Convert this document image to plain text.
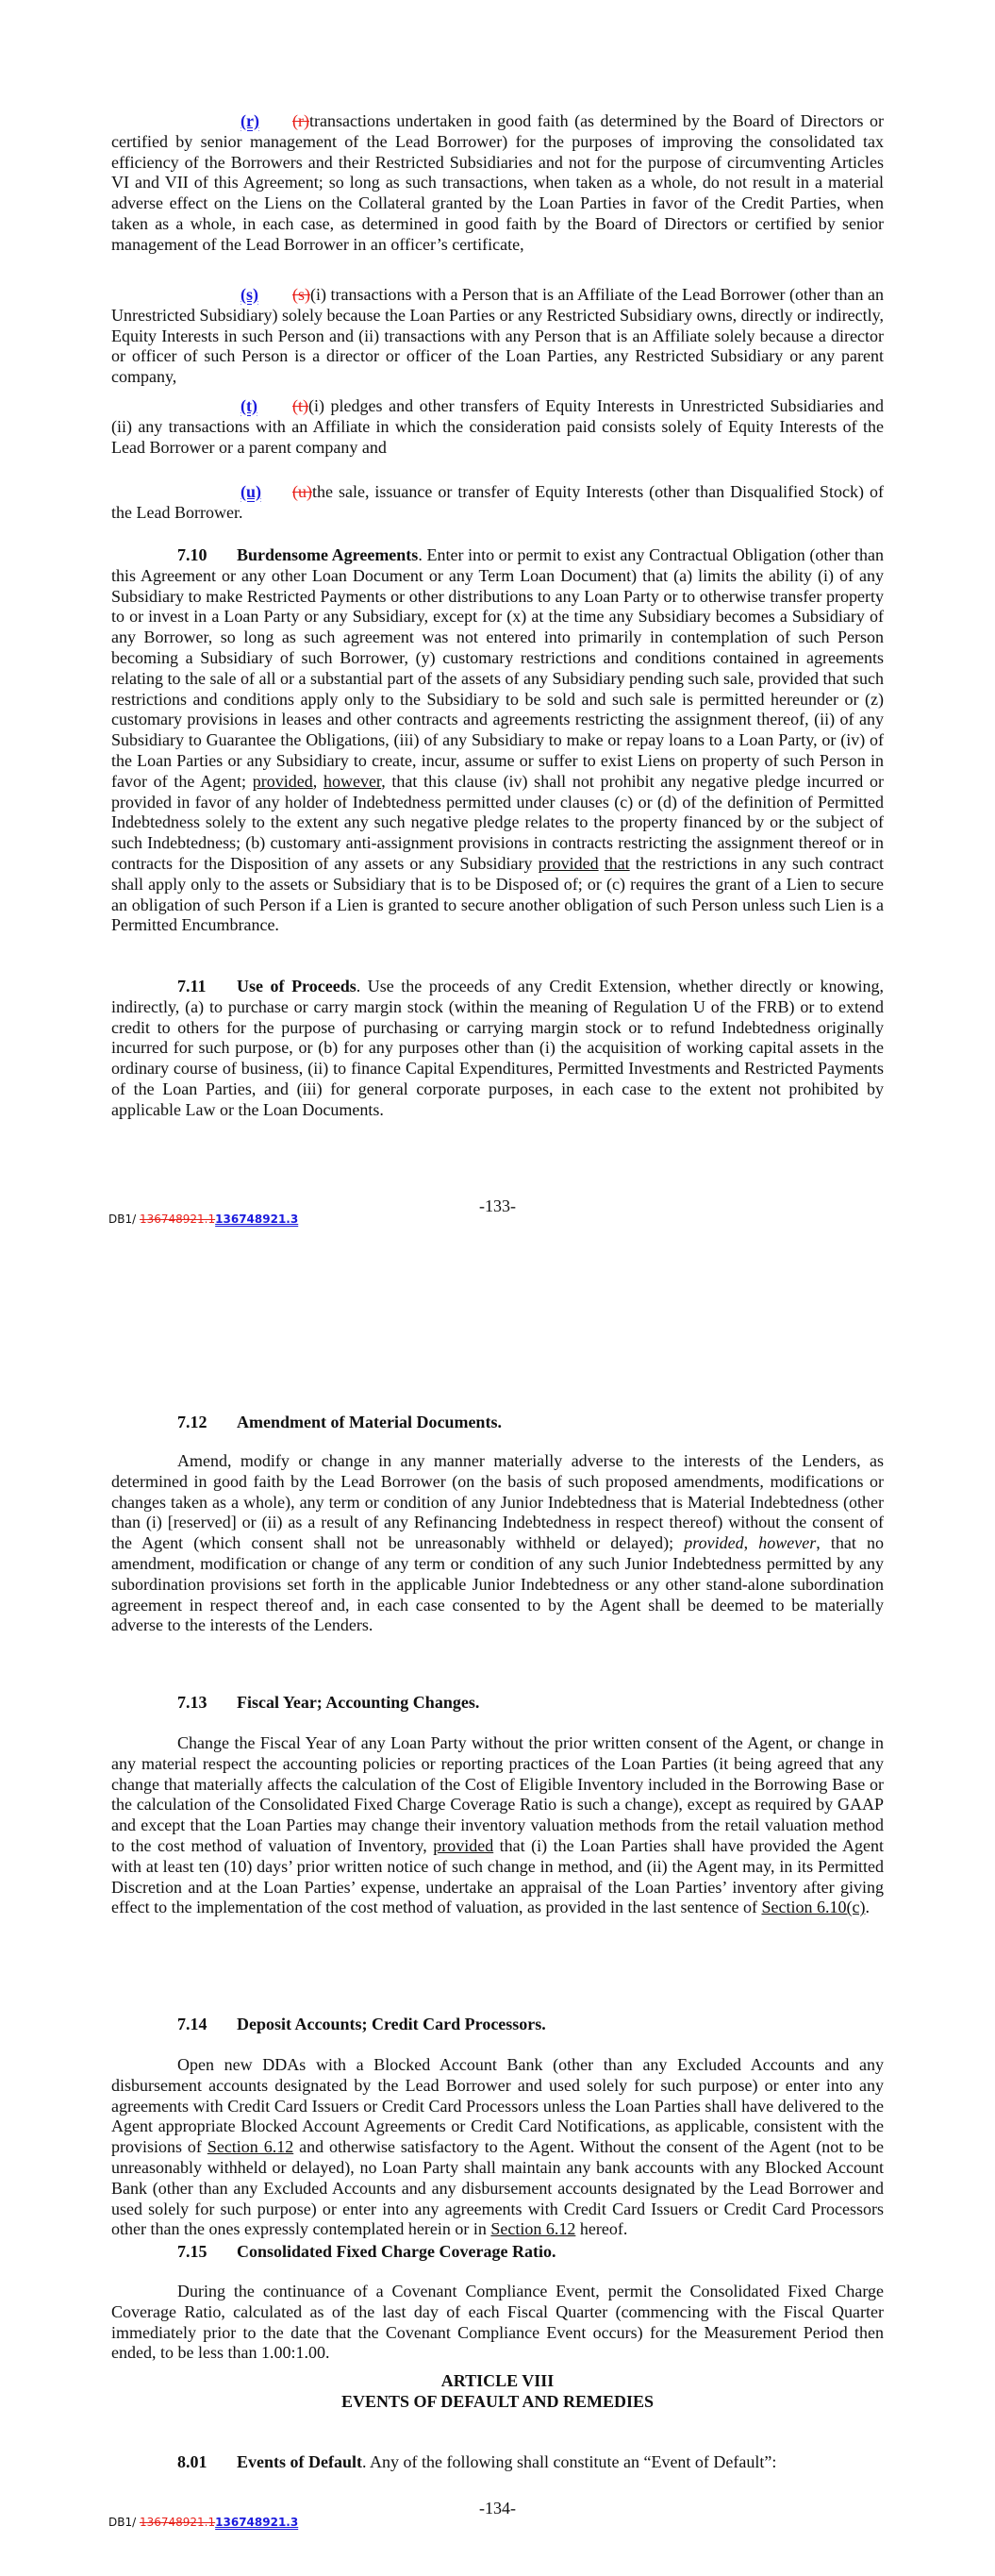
(r) (r)transactions undertaken in good faith (as determined by the Board of Directors or certified by senior management of the Lead Borrower) for the purposes of improving the consolidated tax efficiency of the Borrowers and their Restricted Subsidiaries and not for the purpose of circumventing Articles VI and VII of this Agreement; so long as such transactions, when taken as a whole, do not result in a material adverse effect on the Liens on the Collateral granted by the Loan Parties in favor of the Credit Parties, when taken as a whole, in each case, as determined in good faith by the Board of Directors or certified by senior management of the Lead Borrower in an officer’s certificate,
(s) (s)(i) transactions with a Person that is an Affiliate of the Lead Borrower (other than an Unrestricted Subsidiary) solely because the Loan Parties or any Restricted Subsidiary owns, directly or indirectly, Equity Interests in such Person and (ii) transactions with any Person that is an Affiliate solely because a director or officer of such Person is a director or officer of the Loan Parties, any Restricted Subsidiary or any parent company,
(t) (t)(i) pledges and other transfers of Equity Interests in Unrestricted Subsidiaries and (ii) any transactions with an Affiliate in which the consideration paid consists solely of Equity Interests of the Lead Borrower or a parent company and
(u) (u)the sale, issuance or transfer of Equity Interests (other than Disqualified Stock) of the Lead Borrower.
7.10 Burdensome Agreements. Enter into or permit to exist any Contractual Obligation (other than this Agreement or any other Loan Document or any Term Loan Document) that (a) limits the ability (i) of any Subsidiary to make Restricted Payments or other distributions to any Loan Party or to otherwise transfer property to or invest in a Loan Party or any Subsidiary, except for (x) at the time any Subsidiary becomes a Subsidiary of any Borrower, so long as such agreement was not entered into primarily in contemplation of such Person becoming a Subsidiary of such Borrower, (y) customary restrictions and conditions contained in agreements relating to the sale of all or a substantial part of the assets of any Subsidiary pending such sale, provided that such restrictions and conditions apply only to the Subsidiary to be sold and such sale is permitted hereunder or (z) customary provisions in leases and other contracts and agreements restricting the assignment thereof, (ii) of any Subsidiary to Guarantee the Obligations, (iii) of any Subsidiary to make or repay loans to a Loan Party, or (iv) of the Loan Parties or any Subsidiary to create, incur, assume or suffer to exist Liens on property of such Person in favor of the Agent; provided, however, that this clause (iv) shall not prohibit any negative pledge incurred or provided in favor of any holder of Indebtedness permitted under clauses (c) or (d) of the definition of Permitted Indebtedness solely to the extent any such negative pledge relates to the property financed by or the subject of such Indebtedness; (b) customary anti-assignment provisions in contracts restricting the assignment thereof or in contracts for the Disposition of any assets or any Subsidiary provided that the restrictions in any such contract shall apply only to the assets or Subsidiary that is to be Disposed of; or (c) requires the grant of a Lien to secure an obligation of such Person if a Lien is granted to secure another obligation of such Person unless such Lien is a Permitted Encumbrance.
7.11 Use of Proceeds. Use the proceeds of any Credit Extension, whether directly or knowing, indirectly, (a) to purchase or carry margin stock (within the meaning of Regulation U of the FRB) or to extend credit to others for the purpose of purchasing or carrying margin stock or to refund Indebtedness originally incurred for such purpose, or (b) for any purposes other than (i) the acquisition of working capital assets in the ordinary course of business, (ii) to finance Capital Expenditures, Permitted Investments and Restricted Payments of the Loan Parties, and (iii) for general corporate purposes, in each case to the extent not prohibited by applicable Law or the Loan Documents.
-133-
DB1/ 136748921.1136748921.3
7.12 Amendment of Material Documents.
Amend, modify or change in any manner materially adverse to the interests of the Lenders, as determined in good faith by the Lead Borrower (on the basis of such proposed amendments, modifications or changes taken as a whole), any term or condition of any Junior Indebtedness that is Material Indebtedness (other than (i) [reserved] or (ii) as a result of any Refinancing Indebtedness in respect thereof) without the consent of the Agent (which consent shall not be unreasonably withheld or delayed); provided, however, that no amendment, modification or change of any term or condition of any such Junior Indebtedness permitted by any subordination provisions set forth in the applicable Junior Indebtedness or any other stand-alone subordination agreement in respect thereof and, in each case consented to by the Agent shall be deemed to be materially adverse to the interests of the Lenders.
7.13 Fiscal Year; Accounting Changes.
Change the Fiscal Year of any Loan Party without the prior written consent of the Agent, or change in any material respect the accounting policies or reporting practices of the Loan Parties (it being agreed that any change that materially affects the calculation of the Cost of Eligible Inventory included in the Borrowing Base or the calculation of the Consolidated Fixed Charge Coverage Ratio is such a change), except as required by GAAP and except that the Loan Parties may change their inventory valuation methods from the retail valuation method to the cost method of valuation of Inventory, provided that (i) the Loan Parties shall have provided the Agent with at least ten (10) days’ prior written notice of such change in method, and (ii) the Agent may, in its Permitted Discretion and at the Loan Parties’ expense, undertake an appraisal of the Loan Parties’ inventory after giving effect to the implementation of the cost method of valuation, as provided in the last sentence of Section 6.10(c).
7.14 Deposit Accounts; Credit Card Processors.
Open new DDAs with a Blocked Account Bank (other than any Excluded Accounts and any disbursement accounts designated by the Lead Borrower and used solely for such purpose) or enter into any agreements with Credit Card Issuers or Credit Card Processors unless the Loan Parties shall have delivered to the Agent appropriate Blocked Account Agreements or Credit Card Notifications, as applicable, consistent with the provisions of Section 6.12 and otherwise satisfactory to the Agent. Without the consent of the Agent (not to be unreasonably withheld or delayed), no Loan Party shall maintain any bank accounts with any Blocked Account Bank (other than any Excluded Accounts and any disbursement accounts designated by the Lead Borrower and used solely for such purpose) or enter into any agreements with Credit Card Issuers or Credit Card Processors other than the ones expressly contemplated herein or in Section 6.12 hereof.
7.15 Consolidated Fixed Charge Coverage Ratio.
During the continuance of a Covenant Compliance Event, permit the Consolidated Fixed Charge Coverage Ratio, calculated as of the last day of each Fiscal Quarter (commencing with the Fiscal Quarter immediately prior to the date that the Covenant Compliance Event occurs) for the Measurement Period then ended, to be less than 1.00:1.00.
ARTICLE VIII
EVENTS OF DEFAULT AND REMEDIES
8.01 Events of Default. Any of the following shall constitute an “Event of Default”:
-134-
DB1/ 136748921.1136748921.3
